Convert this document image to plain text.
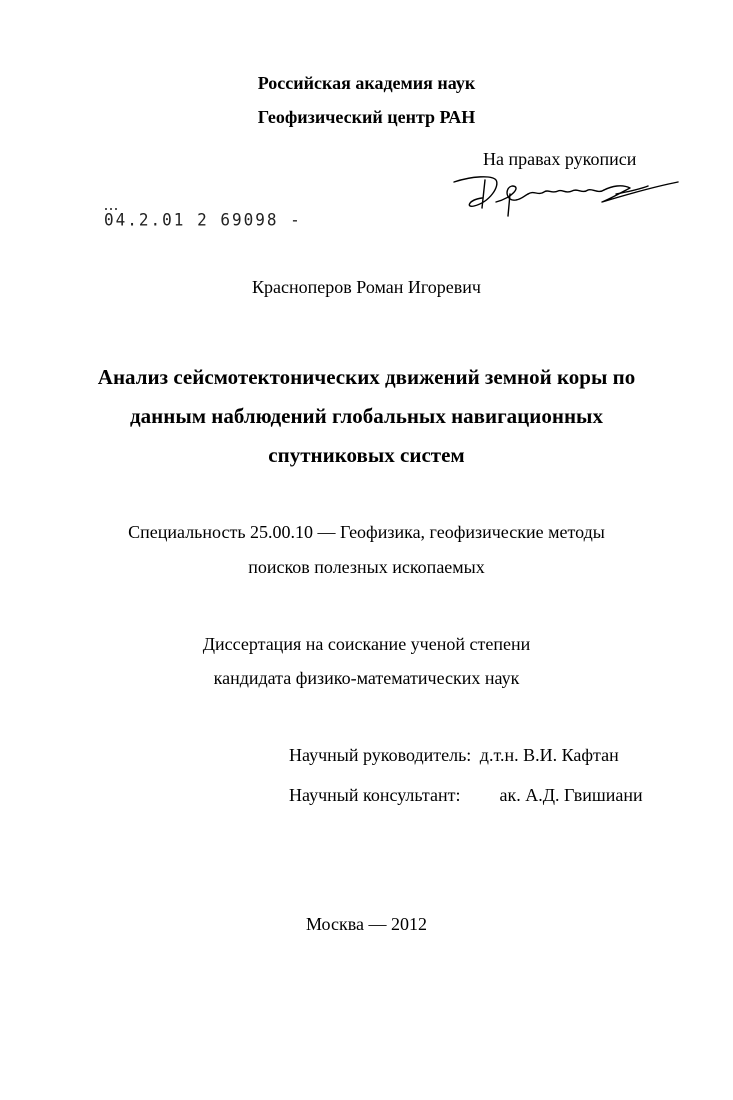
Российская академия наук
Геофизический центр РАН
На правах рукописи
04.2.01 2 69098 -
Красноперов Роман Игоревич
Анализ сейсмотектонических движений земной коры по
данным наблюдений глобальных навигационных
спутниковых систем
Специальность 25.00.10 — Геофизика, геофизические методы
поисков полезных ископаемых
Диссертация на соискание ученой степени
кандидата физико-математических наук
Научный руководитель: д.т.н. В.И. Кафтан
Научный консультант: ак. А.Д. Гвишиани
Москва — 2012
